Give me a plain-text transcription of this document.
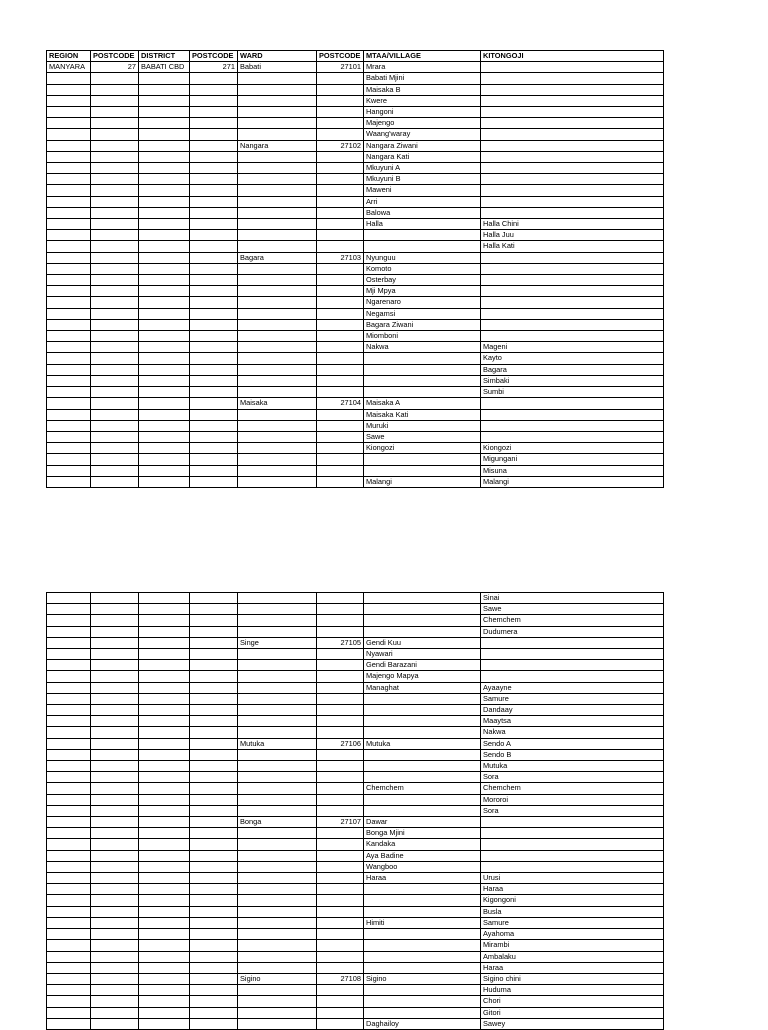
REGION	POSTCODE	DISTRICT	POSTCODE	WARD	POSTCODE	MTAA/VILLAGE	KITONGOJI
MANYARA	27	BABATI CBD	271	Babati	27101	Mrara	
						Babati Mjini	
						Maisaka B	
						Kwere	
						Hangoni	
						Majengo	
						Waang'waray	
				Nangara	27102	Nangara Ziwani	
						Nangara Kati	
						Mkuyuni A	
						Mkuyuni B	
						Maweni	
						Arri	
						Balowa	
						Halla	Halla Chini
							Halla Juu
							Halla Kati
				Bagara	27103	Nyunguu	
						Komoto	
						Osterbay	
						Mji Mpya	
						Ngarenaro	
						Negamsi	
						Bagara Ziwani	
						Miomboni	
						Nakwa	Mageni
							Kayto
							Bagara
							Simbaki
							Sumbi
				Maisaka	27104	Maisaka A	
						Maisaka Kati	
						Muruki	
						Sawe	
						Kiongozi	Kiongozi
							Migungani
							Misuna
						Malangi	Malangi
							Sinai
							Sawe
							Chemchem
							Dudumera
				Singe	27105	Gendi Kuu	
						Nyawari	
						Gendi Barazani	
						Majengo Mapya	
						Managhat	Ayaayne
							Samure
							Dandaay
							Maaytsa
							Nakwa
				Mutuka	27106	Mutuka	Sendo A
							Sendo B
							Mutuka
							Sora
						Chemchem	Chemchem
							Mororoi
							Sora
				Bonga	27107	Dawar	
						Bonga Mjini	
						Kandaka	
						Aya Badine	
						Wangboo	
						Haraa	Urusi
							Haraa
							Kigongoni
							Busla
						Himiti	Samure
							Ayahoma
							Mirambi
							Ambalaku
							Haraa
				Sigino	27108	Sigino	Sigino chini
							Huduma
							Chori
							Gitori
						Daghailoy	Sawey
